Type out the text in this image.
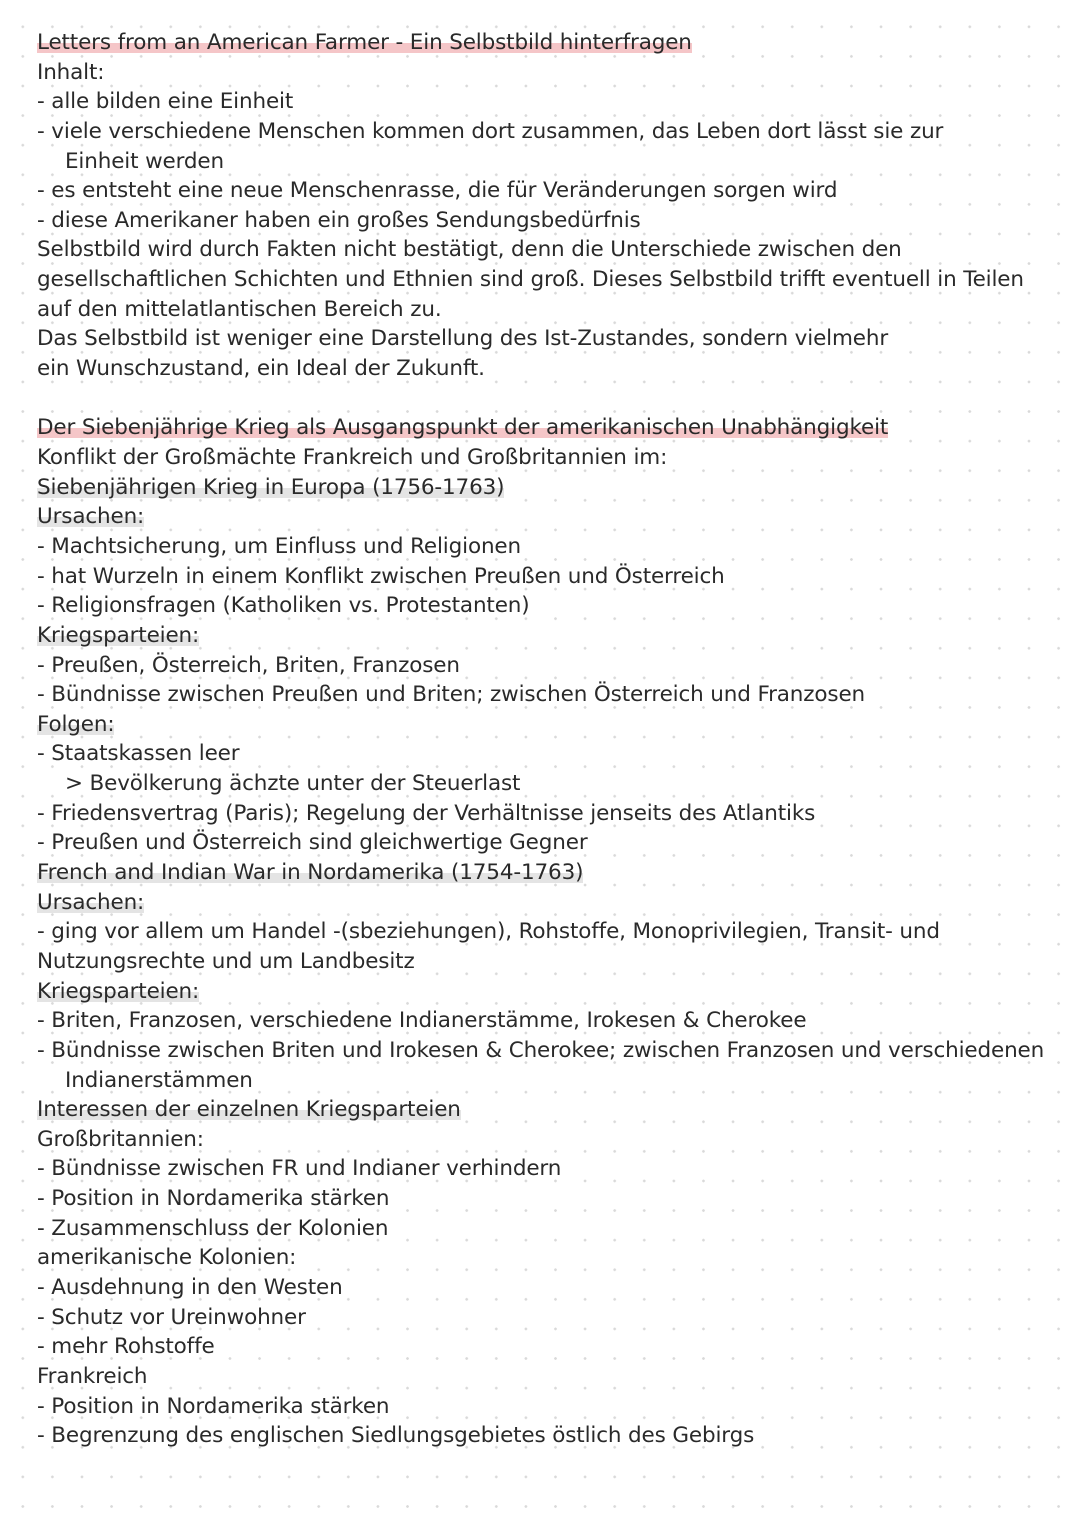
Letters from an American Farmer - Ein Selbstbild hinterfragen
Inhalt:
- alle bilden eine Einheit
- viele verschiedene Menschen kommen dort zusammen, das Leben dort lässt sie zur
Einheit werden
- es entsteht eine neue Menschenrasse, die für Veränderungen sorgen wird
- diese Amerikaner haben ein großes Sendungsbedürfnis
Selbstbild wird durch Fakten nicht bestätigt, denn die Unterschiede zwischen den gesellschaftlichen Schichten und Ethnien sind groß. Dieses Selbstbild trifft eventuell in Teilen auf den mittelatlantischen Bereich zu.
Das Selbstbild ist weniger eine Darstellung des Ist-Zustandes, sondern vielmehr ein Wunschzustand, ein Ideal der Zukunft.
Der Siebenjährige Krieg als Ausgangspunkt der amerikanischen Unabhängigkeit
Konflikt der Großmächte Frankreich und Großbritannien im:
Siebenjährigen Krieg in Europa (1756-1763)
Ursachen:
- Machtsicherung, um Einfluss und Religionen
- hat Wurzeln in einem Konflikt zwischen Preußen und Österreich
- Religionsfragen (Katholiken vs. Protestanten)
Kriegsparteien:
- Preußen, Österreich, Briten, Franzosen
- Bündnisse zwischen Preußen und Briten; zwischen Österreich und Franzosen
Folgen:
- Staatskassen leer
> Bevölkerung ächzte unter der Steuerlast
- Friedensvertrag (Paris); Regelung der Verhältnisse jenseits des Atlantiks
- Preußen und Österreich sind gleichwertige Gegner
French and Indian War in Nordamerika (1754-1763)
Ursachen:
- ging vor allem um Handel -(sbeziehungen), Rohstoffe, Monoprivilegien, Transit- und
Nutzungsrechte und um Landbesitz
Kriegsparteien:
- Briten, Franzosen, verschiedene Indianerstämme, Irokesen & Cherokee
- Bündnisse zwischen Briten und Irokesen & Cherokee; zwischen Franzosen und verschiedenen
Indianerstämmen
Interessen der einzelnen Kriegsparteien
Großbritannien:
- Bündnisse zwischen FR und Indianer verhindern
- Position in Nordamerika stärken
- Zusammenschluss der Kolonien
amerikanische Kolonien:
- Ausdehnung in den Westen
- Schutz vor Ureinwohner
- mehr Rohstoffe
Frankreich
- Position in Nordamerika stärken
- Begrenzung des englischen Siedlungsgebietes östlich des Gebirgs
